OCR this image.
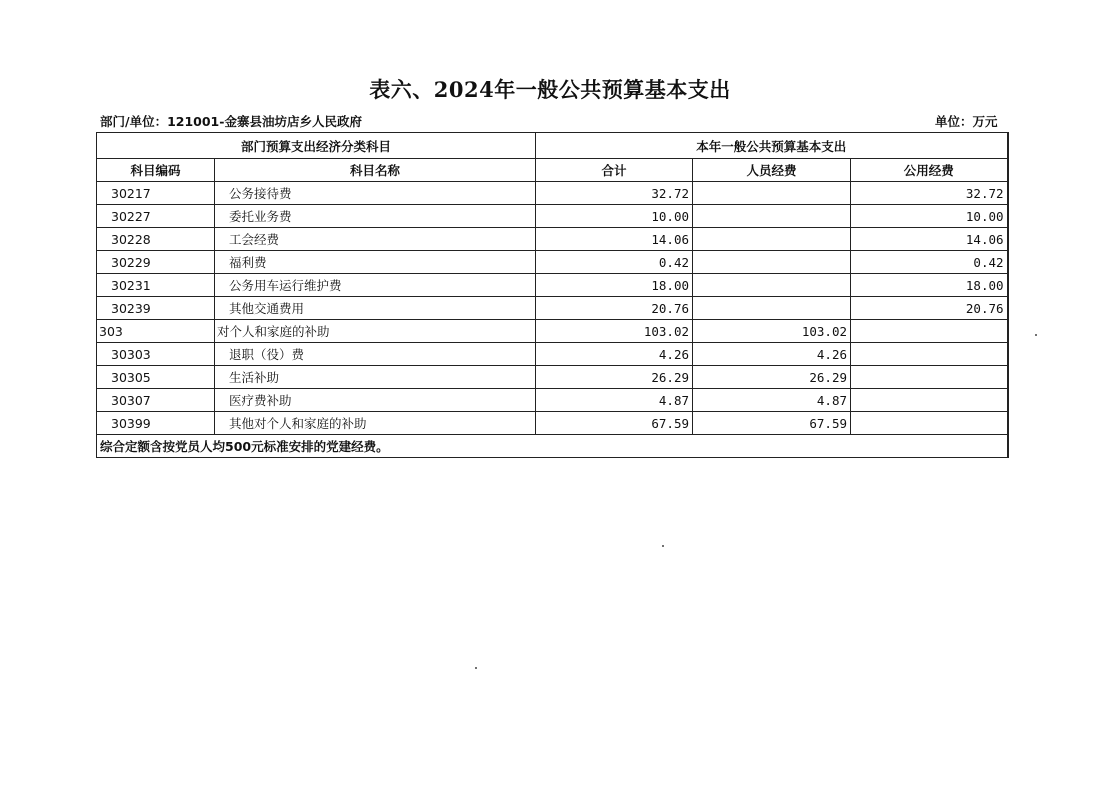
表六、2024年一般公共预算基本支出
部门/单位：121001-金寨县油坊店乡人民政府	单位：万元
部门预算支出经济分类科目		本年一般公共预算基本支出		
科目编码	科目名称	合计	人员经费	公用经费
30217	公务接待费	32.72		32.72
30227	委托业务费	10.00		10.00
30228	工会经费	14.06		14.06
30229	福利费	0.42		0.42
30231	公务用车运行维护费	18.00		18.00
30239	其他交通费用	20.76		20.76
303	对个人和家庭的补助	103.02	103.02	
30303	退职（役）费	4.26	4.26	
30305	生活补助	26.29	26.29	
30307	医疗费补助	4.87	4.87	
30399	其他对个人和家庭的补助	67.59	67.59	
综合定额含按党员人均500元标准安排的党建经费。				
